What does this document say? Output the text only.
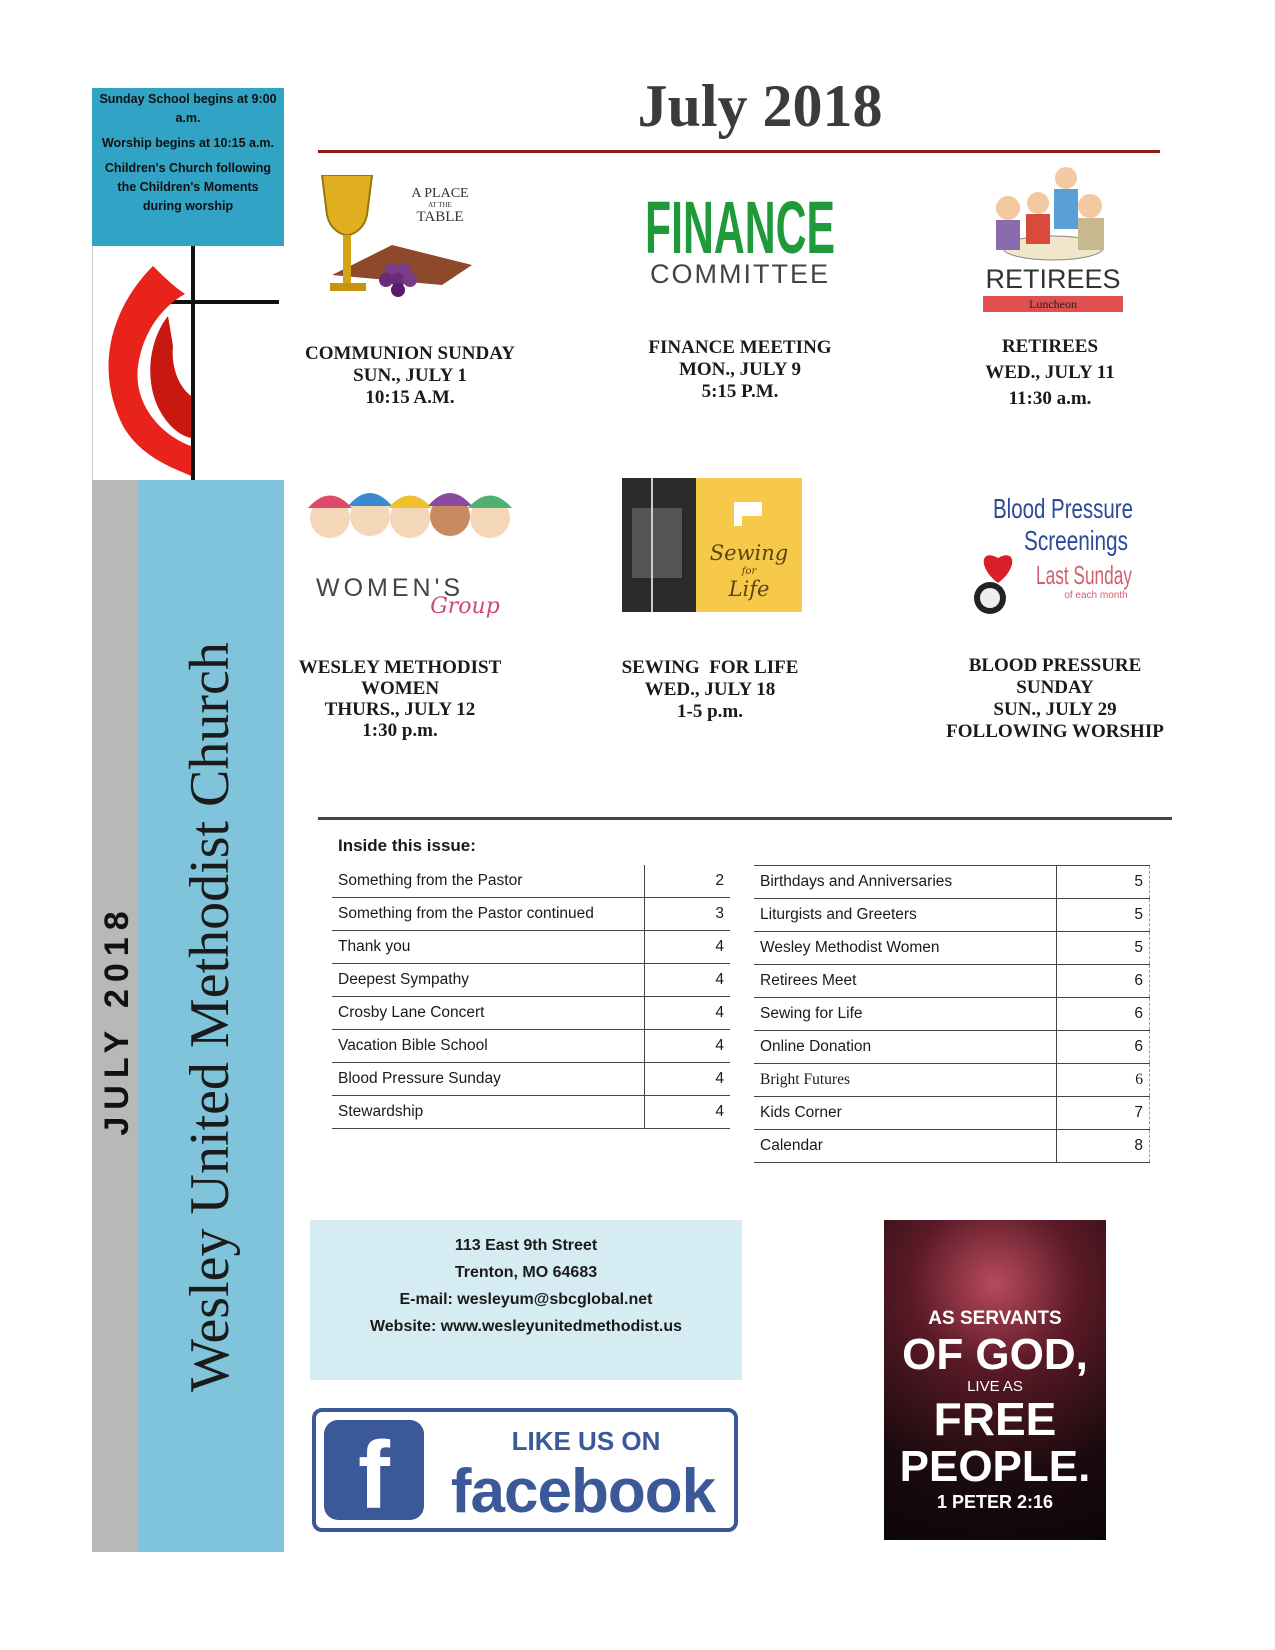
Sunday School begins at 9:00 a.m.
Worship begins at 10:15 a.m.
Children's Church following the Children's Moments during worship
Wesley United Methodist Church
JULY 2018
July 2018
A PLACE
AT THE
TABLE
COMMUNION SUNDAY
SUN., JULY 1
10:15 A.M.
FINANCE
COMMITTEE
FINANCE MEETING
MON., JULY 9
5:15 P.M.
RETIREES
Luncheon
RETIREES
WED., JULY 11
11:30 a.m.
WOMEN'S
Group
WESLEY METHODIST
WOMEN
THURS., JULY 12
1:30 p.m.
Sewing
for
Life
SEWING  FOR LIFE
WED., JULY 18
1-5 p.m.
Blood Pressure
Screenings
Last Sunday
of each month
BLOOD PRESSURE
SUNDAY
SUN., JULY 29
FOLLOWING WORSHIP
Inside this issue:
Something from the Pastor	2
Something from the Pastor continued	3
Thank you	4
Deepest Sympathy	4
Crosby Lane Concert	4
Vacation Bible School	4
Blood Pressure Sunday	4
Stewardship	4
Birthdays and Anniversaries	5
Liturgists and Greeters	5
Wesley Methodist Women	5
Retirees Meet	6
Sewing for Life	6
Online Donation	6
Bright Futures	6
Kids Corner	7
Calendar	8
113 East 9th Street
Trenton, MO 64683
E-mail: wesleyum@sbcglobal.net
Website: www.wesleyunitedmethodist.us
f	LIKE US ON
facebook
AS SERVANTS
OF GOD,
LIVE AS
FREE
PEOPLE.
1 PETER 2:16
